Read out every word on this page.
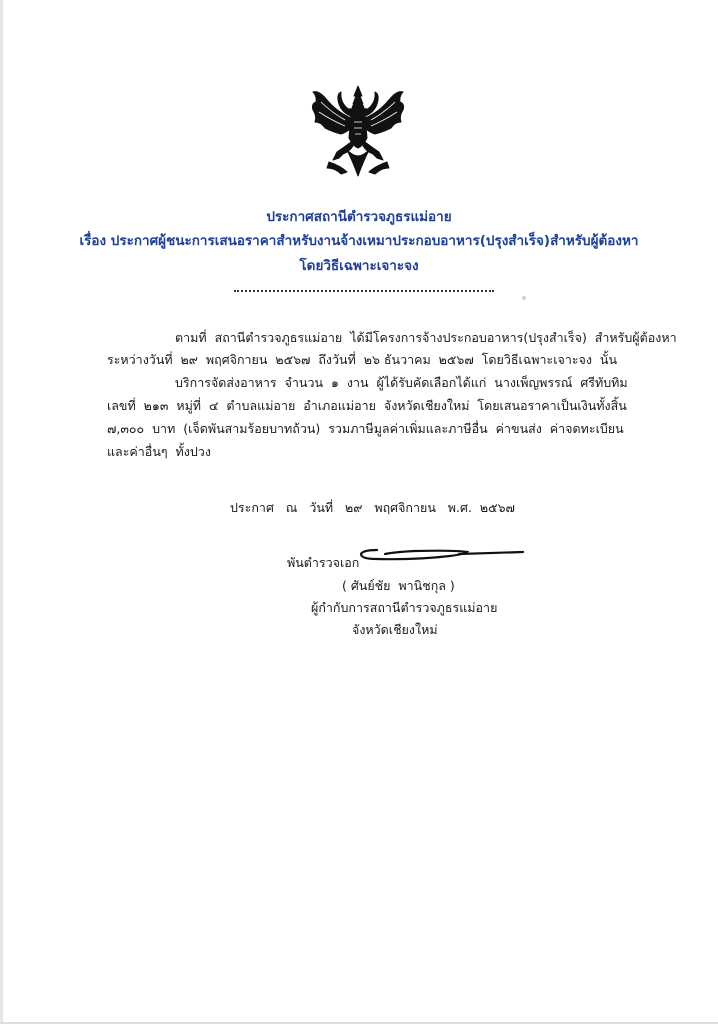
ประกาศสถานีตำรวจภูธรแม่อาย
เรื่อง ประกาศผู้ชนะการเสนอราคาสำหรับงานจ้างเหมาประกอบอาหาร(ปรุงสำเร็จ)สำหรับผู้ต้องหา
โดยวิธีเฉพาะเจาะจง
ตามที่  สถานีตำรวจภูธรแม่อาย  ได้มีโครงการจ้างประกอบอาหาร(ปรุงสำเร็จ)  สำหรับผู้ต้องหา
ระหว่างวันที่  ๒๙  พฤศจิกายน  ๒๕๖๗  ถึงวันที่  ๒๖ ธันวาคม  ๒๕๖๗  โดยวิธีเฉพาะเจาะจง  นั้น
บริการจัดส่งอาหาร  จำนวน  ๑  งาน  ผู้ได้รับคัดเลือกได้แก่  นางเพ็ญพรรณ์  ศรีทับทิม
เลขที่  ๒๑๓  หมู่ที่  ๔  ตำบลแม่อาย  อำเภอแม่อาย  จังหวัดเชียงใหม่  โดยเสนอราคาเป็นเงินทั้งสิ้น
๗,๓๐๐  บาท  (เจ็ดพันสามร้อยบาทถ้วน)  รวมภาษีมูลค่าเพิ่มและภาษีอื่น  ค่าขนส่ง  ค่าจดทะเบียน
และค่าอื่นๆ  ทั้งปวง
ประกาศ   ณ   วันที่   ๒๙   พฤศจิกายน   พ.ศ.  ๒๕๖๗
พันตำรวจเอก
( ศันย์ชัย  พานิชกุล )
ผู้กำกับการสถานีตำรวจภูธรแม่อาย
จังหวัดเชียงใหม่
